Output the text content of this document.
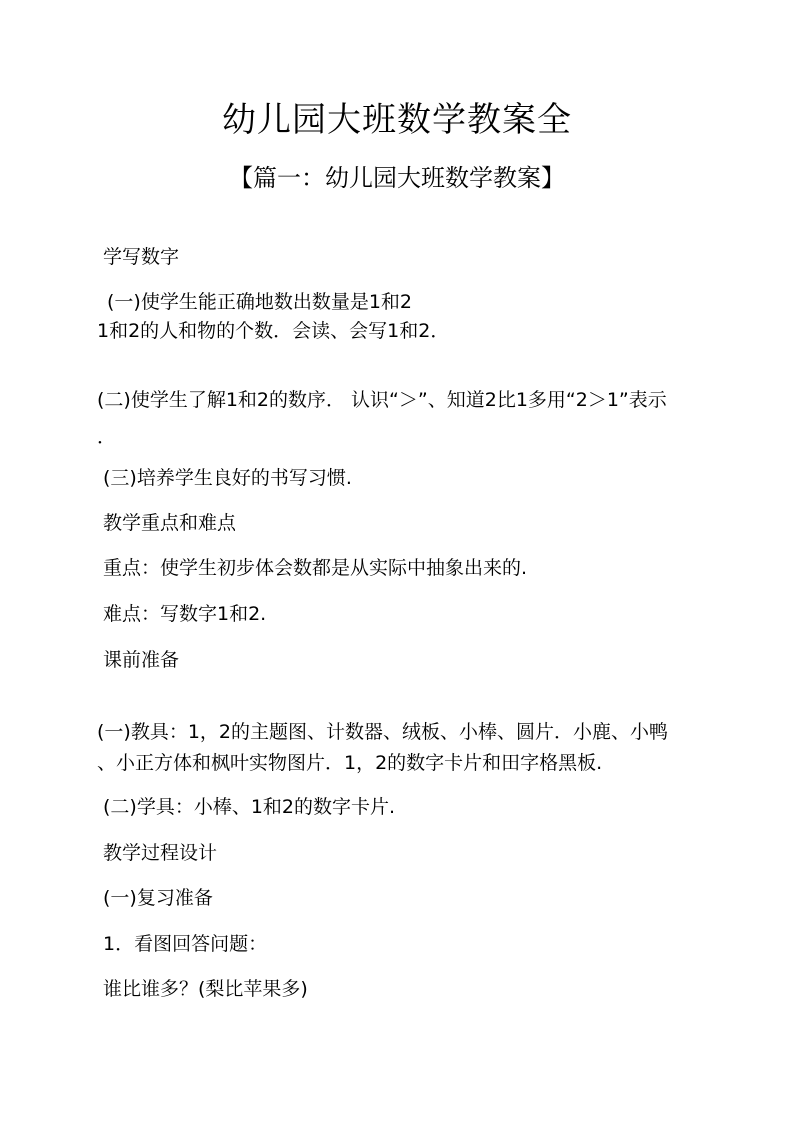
幼儿园大班数学教案全
【篇一：幼儿园大班数学教案】
学写数字
(一)使学生能正确地数出数量是1和2
1和2的人和物的个数．会读、会写1和2．
(二)使学生了解1和2的数序． 认识“＞”、知道2比1多用“2＞1”表示
．
(三)培养学生良好的书写习惯.
教学重点和难点
重点：使学生初步体会数都是从实际中抽象出来的.
难点：写数字1和2.
课前准备
(一)教具：1，2的主题图、计数器、绒板、小棒、圆片．小鹿、小鸭
、小正方体和枫叶实物图片．1，2的数字卡片和田字格黑板.
(二)学具：小棒、1和2的数字卡片.
教学过程设计
(一)复习准备
1．看图回答问题：
谁比谁多？(梨比苹果多)
